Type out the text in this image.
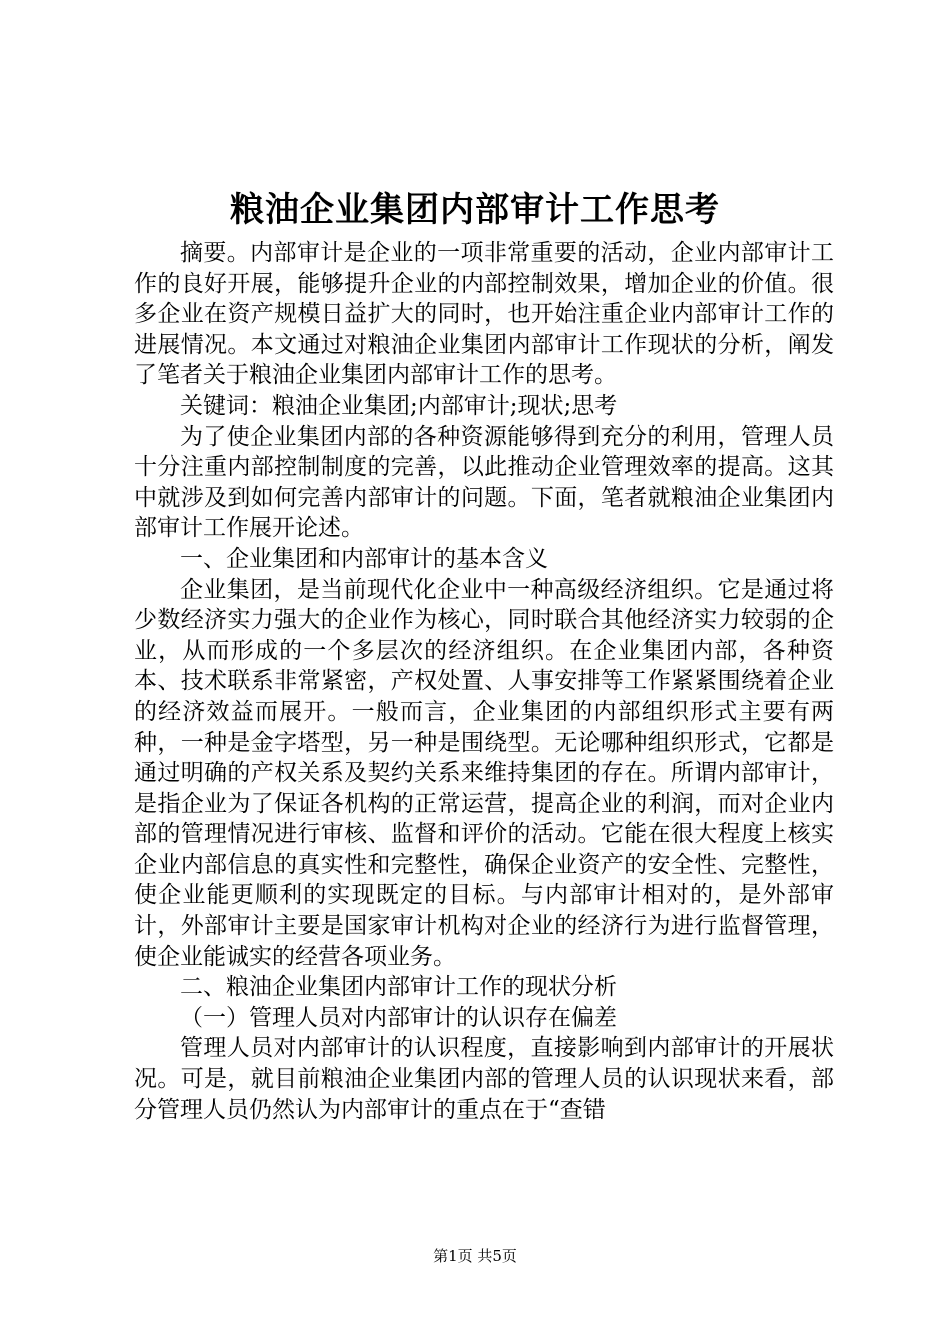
粮油企业集团内部审计工作思考

摘要。内部审计是企业的一项非常重要的活动，企业内部审计工作的良好开展，能够提升企业的内部控制效果，增加企业的价值。很多企业在资产规模日益扩大的同时，也开始注重企业内部审计工作的进展情况。本文通过对粮油企业集团内部审计工作现状的分析，阐发了笔者关于粮油企业集团内部审计工作的思考。

关键词：粮油企业集团;内部审计;现状;思考

为了使企业集团内部的各种资源能够得到充分的利用，管理人员十分注重内部控制制度的完善，以此推动企业管理效率的提高。这其中就涉及到如何完善内部审计的问题。下面，笔者就粮油企业集团内部审计工作展开论述。

一、企业集团和内部审计的基本含义

企业集团，是当前现代化企业中一种高级经济组织。它是通过将少数经济实力强大的企业作为核心，同时联合其他经济实力较弱的企业，从而形成的一个多层次的经济组织。在企业集团内部，各种资本、技术联系非常紧密，产权处置、人事安排等工作紧紧围绕着企业的经济效益而展开。一般而言，企业集团的内部组织形式主要有两种，一种是金字塔型，另一种是围绕型。无论哪种组织形式，它都是通过明确的产权关系及契约关系来维持集团的存在。所谓内部审计，是指企业为了保证各机构的正常运营，提高企业的利润，而对企业内部的管理情况进行审核、监督和评价的活动。它能在很大程度上核实企业内部信息的真实性和完整性，确保企业资产的安全性、完整性，使企业能更顺利的实现既定的目标。与内部审计相对的，是外部审计，外部审计主要是国家审计机构对企业的经济行为进行监督管理，使企业能诚实的经营各项业务。

二、粮油企业集团内部审计工作的现状分析

（一）管理人员对内部审计的认识存在偏差

管理人员对内部审计的认识程度，直接影响到内部审计的开展状况。可是，就目前粮油企业集团内部的管理人员的认识现状来看，部分管理人员仍然认为内部审计的重点在于“查错

第1页 共5页
